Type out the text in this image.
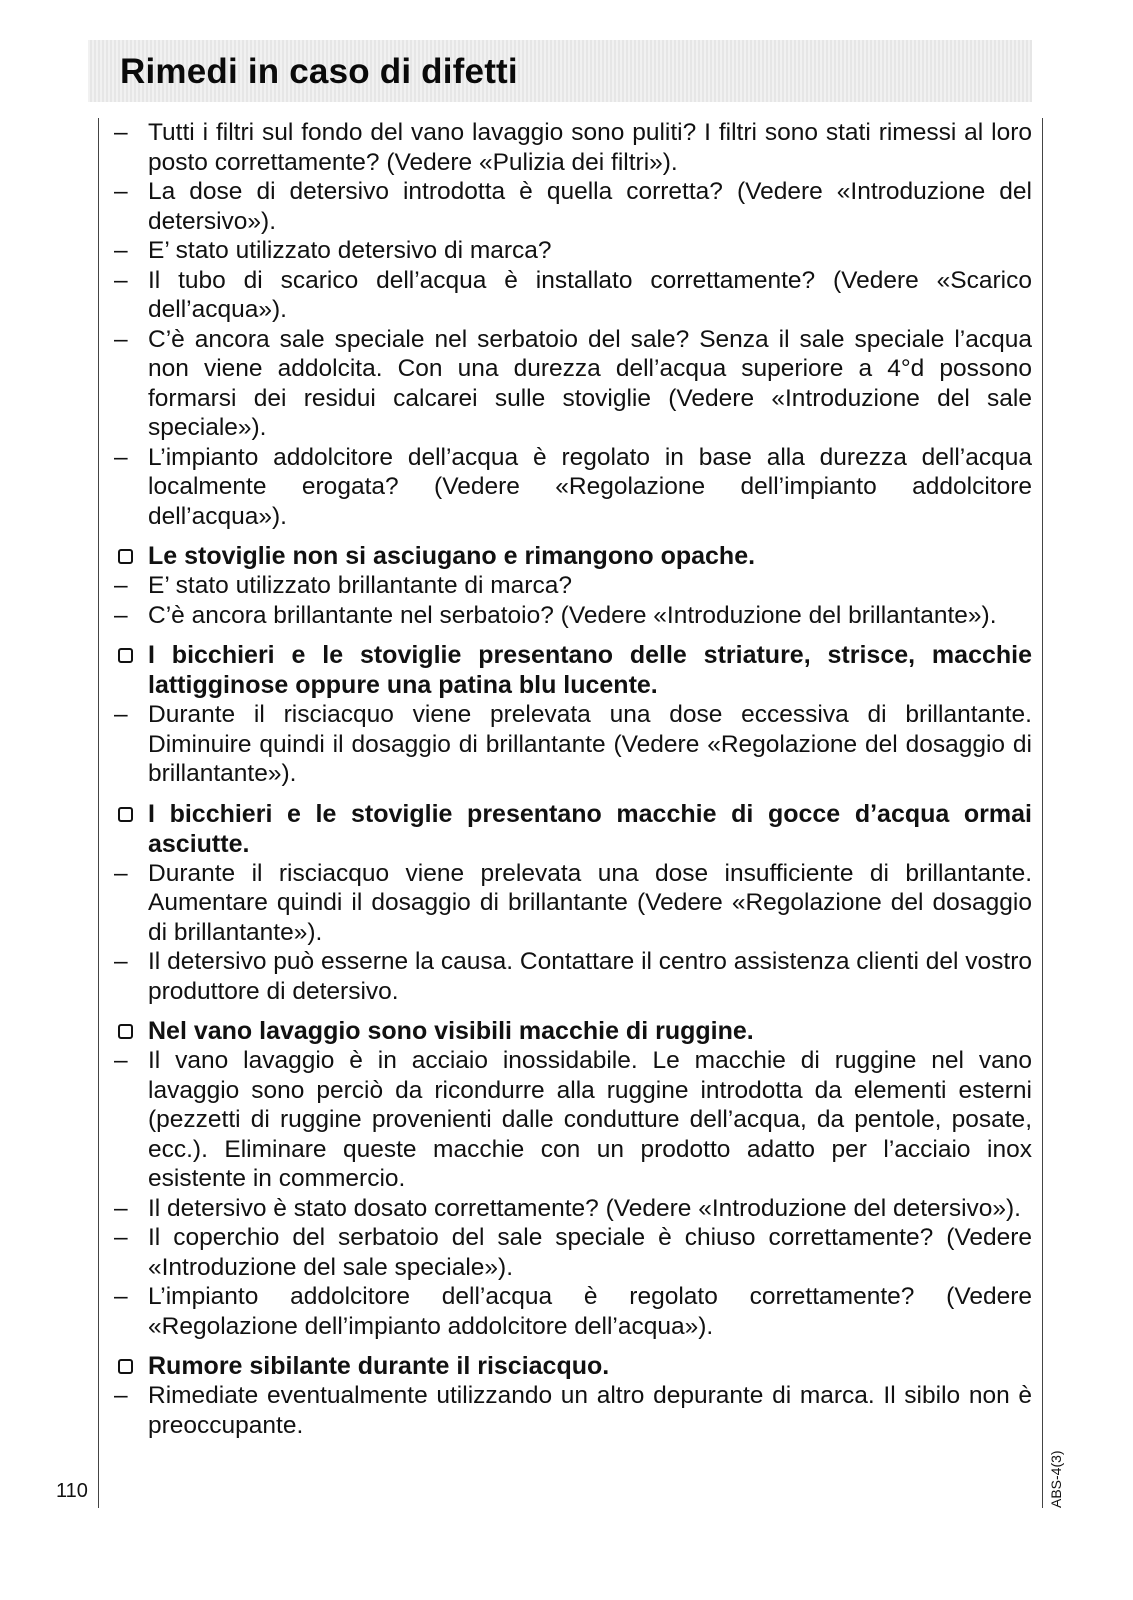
Rimedi in caso di difetti
– Tutti i filtri sul fondo del vano lavaggio sono puliti? I filtri sono stati rimessi al loro posto correttamente? (Vedere «Pulizia dei filtri»).
– La dose di detersivo introdotta è quella corretta? (Vedere «Introduzione del detersivo»).
– E’ stato utilizzato detersivo di marca?
– Il tubo di scarico dell’acqua è installato correttamente? (Vedere «Scarico dell’acqua»).
– C’è ancora sale speciale nel serbatoio del sale? Senza il sale speciale l’acqua non viene addolcita. Con una durezza dell’acqua superiore a 4°d possono formarsi dei residui calcarei sulle stoviglie (Vedere «Introduzione del sale speciale»).
– L’impianto addolcitore dell’acqua è regolato in base alla durezza dell’acqua localmente erogata? (Vedere «Regolazione dell’impianto addolcitore dell’acqua»).
Le stoviglie non si asciugano e rimangono opache.
– E’ stato utilizzato brillantante di marca?
– C’è ancora brillantante nel serbatoio? (Vedere «Introduzione del brillantante»).
I bicchieri e le stoviglie presentano delle striature, strisce, macchie lattigginose oppure una patina blu lucente.
– Durante il risciacquo viene prelevata una dose eccessiva di brillantante. Diminuire quindi il dosaggio di brillantante (Vedere «Regolazione del dosaggio di brillantante»).
I bicchieri e le stoviglie presentano macchie di gocce d’acqua ormai asciutte.
– Durante il risciacquo viene prelevata una dose insufficiente di brillantante. Aumentare quindi il dosaggio di brillantante (Vedere «Regolazione del dosaggio di brillantante»).
– Il detersivo può esserne la causa. Contattare il centro assistenza clienti del vostro produttore di detersivo.
Nel vano lavaggio sono visibili macchie di ruggine.
– Il vano lavaggio è in acciaio inossidabile. Le macchie di ruggine nel vano lavaggio sono perciò da ricondurre alla ruggine introdotta da elementi esterni (pezzetti di ruggine provenienti dalle condutture dell’acqua, da pentole, posate, ecc.). Eliminare queste macchie con un prodotto adatto per l’acciaio inox esistente in commercio.
– Il detersivo è stato dosato correttamente? (Vedere «Introduzione del detersivo»).
– Il coperchio del serbatoio del sale speciale è chiuso correttamente? (Vedere «Introduzione del sale speciale»).
– L’impianto addolcitore dell’acqua è regolato correttamente? (Vedere «Regolazione dell’impianto addolcitore dell’acqua»).
Rumore sibilante durante il risciacquo.
– Rimediate eventualmente utilizzando un altro depurante di marca. Il sibilo non è preoccupante.
110	ABS-4(3)
